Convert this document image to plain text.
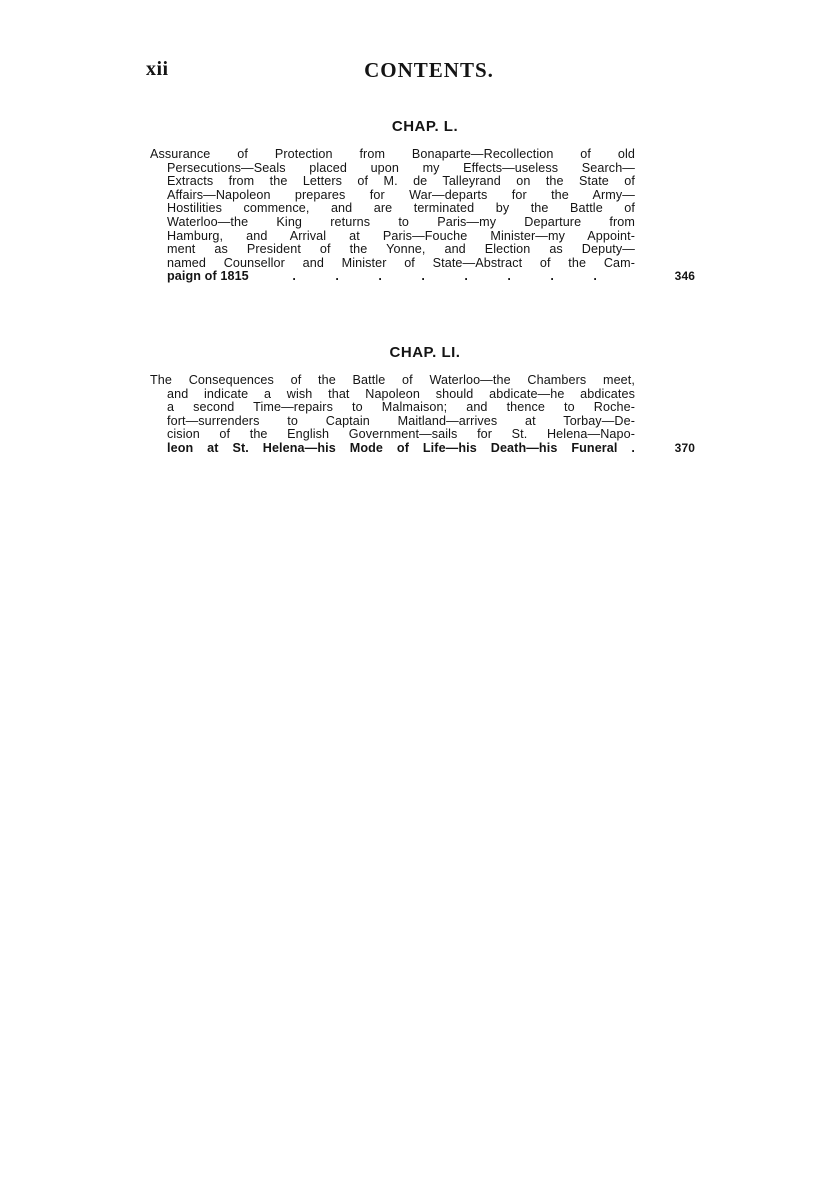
xii	CONTENTS.
CHAP. L.
Assurance of Protection from Bonaparte—Recollection of old
Persecutions—Seals placed upon my Effects—useless Search—
Extracts from the Letters of M. de Talleyrand on the State of
Affairs—Napoleon prepares for War—departs for the Army—
Hostilities commence, and are terminated by the Battle of
Waterloo—the King returns to Paris—my Departure from
Hamburg, and Arrival at Paris—Fouche Minister—my Appoint-
ment as President of the Yonne, and Election as Deputy—
named Counsellor and Minister of State—Abstract of the Cam-
paign of 1815	.	.	.	.	.	.	.	.	346
CHAP. LI.
The Consequences of the Battle of Waterloo—the Chambers meet,
and indicate a wish that Napoleon should abdicate—he abdicates
a second Time—repairs to Malmaison; and thence to Roche-
fort—surrenders to Captain Maitland—arrives at Torbay—De-
cision of the English Government—sails for St. Helena—Napo-
leon at St. Helena—his Mode of Life—his Death—his Funeral .	370
